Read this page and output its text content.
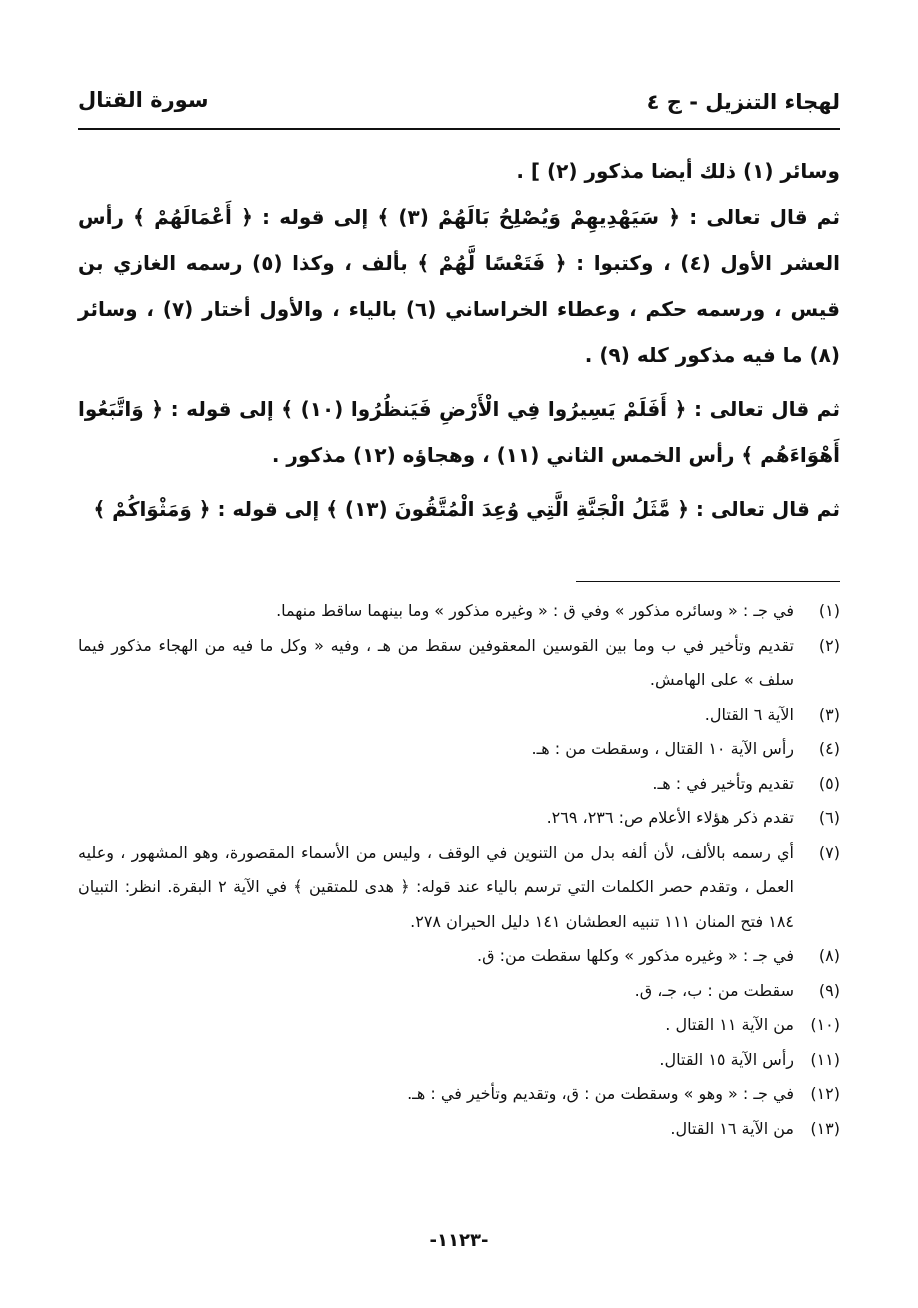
لهجاء التنزيل - ج ٤
سورة القتال

وسائر (١) ذلك أيضا مذكور (٢) ] .

ثم قال تعالى : ﴿ سَيَهْدِيهِمْ وَيُصْلِحُ بَالَهُمْ (٣) ﴾ إلى قوله : ﴿ أَعْمَالَهُمْ ﴾ رأس العشر الأول (٤) ، وكتبوا : ﴿ فَتَعْسًا لَّهُمْ ﴾ بألف ، وكذا (٥) رسمه الغازي بن قيس ، ورسمه حكم ، وعطاء الخراساني (٦) بالياء ، والأول أختار (٧) ، وسائر (٨) ما فيه مذكور كله (٩) .

ثم قال تعالى : ﴿ أَفَلَمْ يَسِيرُوا فِي الْأَرْضِ فَيَنظُرُوا (١٠) ﴾ إلى قوله : ﴿ وَاتَّبَعُوا أَهْوَاءَهُم ﴾ رأس الخمس الثاني (١١) ، وهجاؤه (١٢) مذكور .

ثم قال تعالى : ﴿ مَّثَلُ الْجَنَّةِ الَّتِي وُعِدَ الْمُتَّقُونَ (١٣) ﴾ إلى قوله : ﴿ وَمَثْوَاكُمْ ﴾

(١)
في جـ : « وسائره مذكور » وفي ق : « وغيره مذكور » وما بينهما ساقط منهما.
(٢)
تقديم وتأخير في ب وما بين القوسين المعقوفين سقط من هـ ، وفيه « وكل ما فيه من الهجاء مذكور فيما سلف » على الهامش.
(٣)
الآية ٦ القتال.
(٤)
رأس الآية ١٠ القتال ، وسقطت من : هـ.
(٥)
تقديم وتأخير في : هـ.
(٦)
تقدم ذكر هؤلاء الأعلام ص: ٢٣٦، ٢٦٩.
(٧)
أي رسمه بالألف، لأن ألفه بدل من التنوين في الوقف ، وليس من الأسماء المقصورة، وهو المشهور ، وعليه العمل ، وتقدم حصر الكلمات التي ترسم بالياء عند قوله: ﴿ هدى للمتقين ﴾ في الآية ٢ البقرة. انظر: التبيان ١٨٤ فتح المنان ١١١ تنبيه العطشان ١٤١ دليل الحيران ٢٧٨.
(٨)
في جـ : « وغيره مذكور » وكلها سقطت من: ق.
(٩)
سقطت من : ب، جـ، ق.
(١٠)
من الآية ١١ القتال .
(١١)
رأس الآية ١٥ القتال.
(١٢)
في جـ : « وهو » وسقطت من : ق، وتقديم وتأخير في : هـ.
(١٣)
من الآية ١٦ القتال.
-١١٢٣-
